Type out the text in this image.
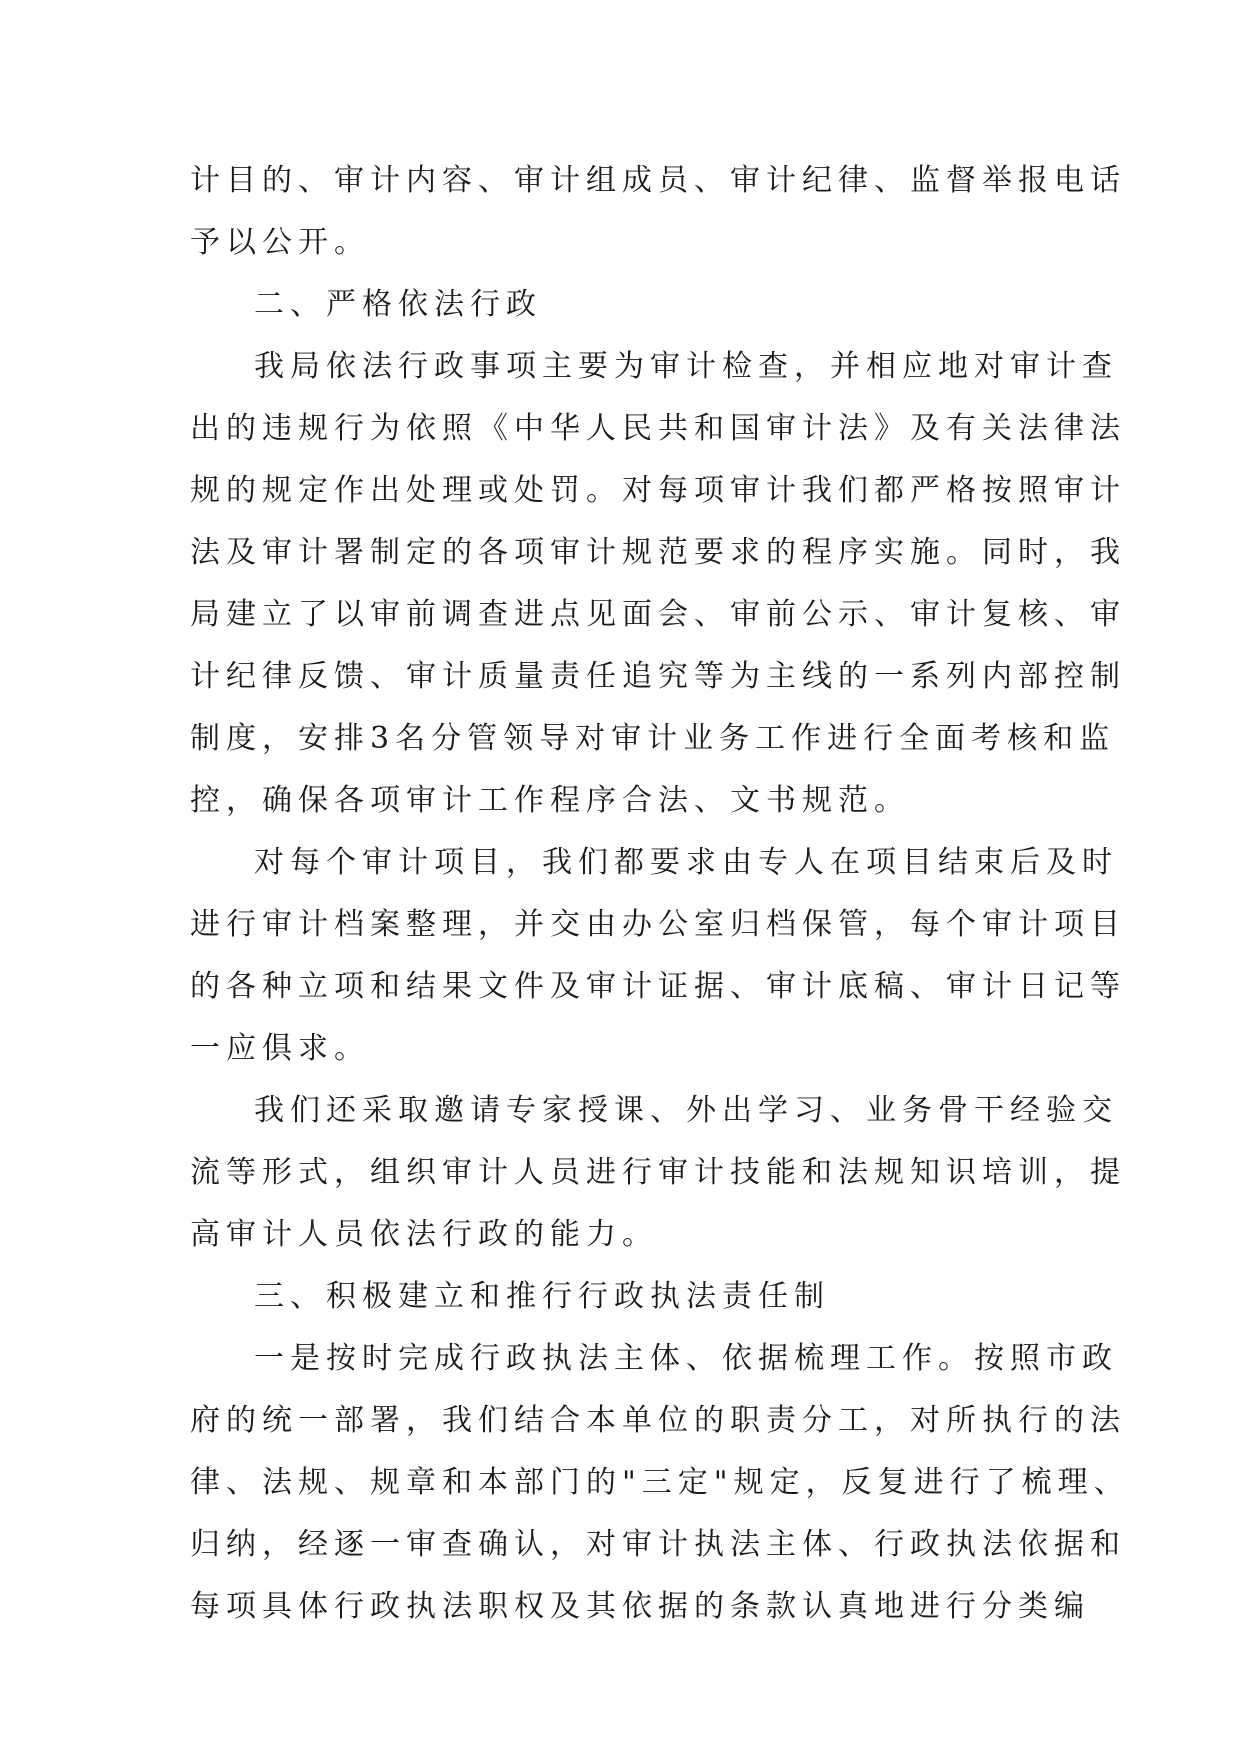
计目的、审计内容、审计组成员、审计纪律、监督举报电话
予以公开。
二、严格依法行政
我局依法行政事项主要为审计检查，并相应地对审计查
出的违规行为依照《中华人民共和国审计法》及有关法律法
规的规定作出处理或处罚。对每项审计我们都严格按照审计
法及审计署制定的各项审计规范要求的程序实施。同时，我
局建立了以审前调查进点见面会、审前公示、审计复核、审
计纪律反馈、审计质量责任追究等为主线的一系列内部控制
制度，安排3名分管领导对审计业务工作进行全面考核和监
控，确保各项审计工作程序合法、文书规范。
对每个审计项目，我们都要求由专人在项目结束后及时
进行审计档案整理，并交由办公室归档保管，每个审计项目
的各种立项和结果文件及审计证据、审计底稿、审计日记等
一应俱求。
我们还采取邀请专家授课、外出学习、业务骨干经验交
流等形式，组织审计人员进行审计技能和法规知识培训，提
高审计人员依法行政的能力。
三、积极建立和推行行政执法责任制
一是按时完成行政执法主体、依据梳理工作。按照市政
府的统一部署，我们结合本单位的职责分工，对所执行的法
律、法规、规章和本部门的"三定"规定，反复进行了梳理、
归纳，经逐一审查确认，对审计执法主体、行政执法依据和
每项具体行政执法职权及其依据的条款认真地进行分类编
